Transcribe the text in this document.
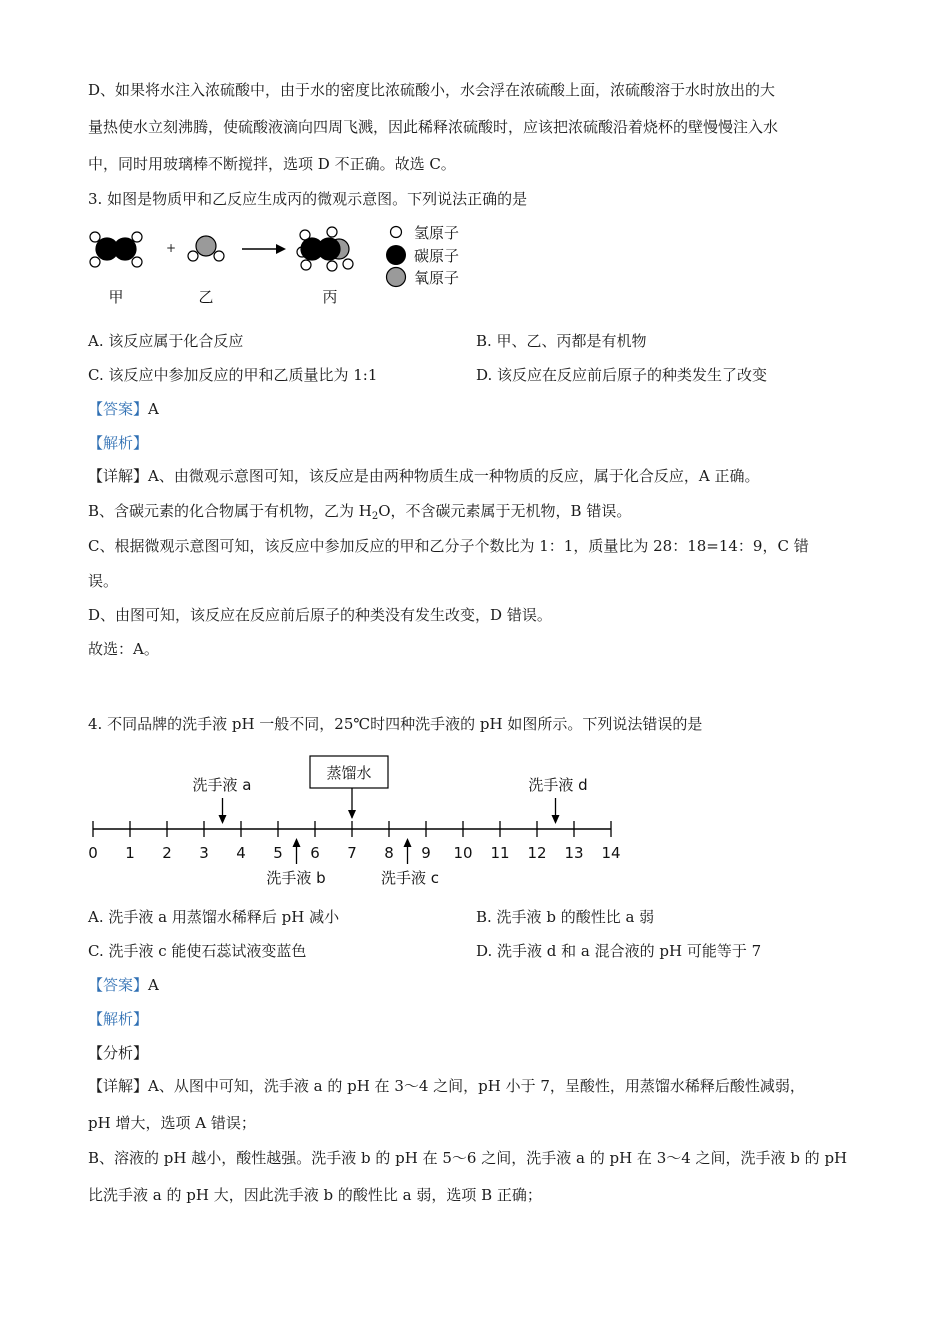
D、如果将水注入浓硫酸中，由于水的密度比浓硫酸小，水会浮在浓硫酸上面，浓硫酸溶于水时放出的大
量热使水立刻沸腾，使硫酸液滴向四周飞溅，因此稀释浓硫酸时，应该把浓硫酸沿着烧杯的壁慢慢注入水
中，同时用玻璃棒不断搅拌，选项 D 不正确。故选 C。
3. 如图是物质甲和乙反应生成丙的微观示意图。下列说法正确的是
+
甲	乙	丙
氢原子
碳原子
氧原子
A. 该反应属于化合反应	B. 甲、乙、丙都是有机物
C. 该反应中参加反应的甲和乙质量比为 1:1	D. 该反应在反应前后原子的种类发生了改变
【答案】A
【解析】
【详解】A、由微观示意图可知，该反应是由两种物质生成一种物质的反应，属于化合反应，A 正确。
B、含碳元素的化合物属于有机物，乙为 $H_2O$，不含碳元素属于无机物，B 错误。
C、根据微观示意图可知，该反应中参加反应的甲和乙分子个数比为 1：1，质量比为 28：18=14：9，C 错
误。
D、由图可知，该反应在反应前后原子的种类没有发生改变，D 错误。
故选：A。
4. 不同品牌的洗手液 pH 一般不同，25℃时四种洗手液的 pH 如图所示。下列说法错误的是
0 1 2 3 4 5 6 7 8 9 10 11 12 13 14
蒸馏水
洗手液 a	洗手液 d
洗手液 b	洗手液 c
A. 洗手液 a 用蒸馏水稀释后 pH 减小	B. 洗手液 b 的酸性比 a 弱
C. 洗手液 c 能使石蕊试液变蓝色	D. 洗手液 d 和 a 混合液的 pH 可能等于 7
【答案】A
【解析】
【分析】
【详解】A、从图中可知，洗手液 a 的 pH 在 3～4 之间，pH 小于 7，呈酸性，用蒸馏水稀释后酸性减弱，
pH 增大，选项 A 错误；
B、溶液的 pH 越小，酸性越强。洗手液 b 的 pH 在 5～6 之间，洗手液 a 的 pH 在 3～4 之间，洗手液 b 的 pH
比洗手液 a 的 pH 大，因此洗手液 b 的酸性比 a 弱，选项 B 正确；
